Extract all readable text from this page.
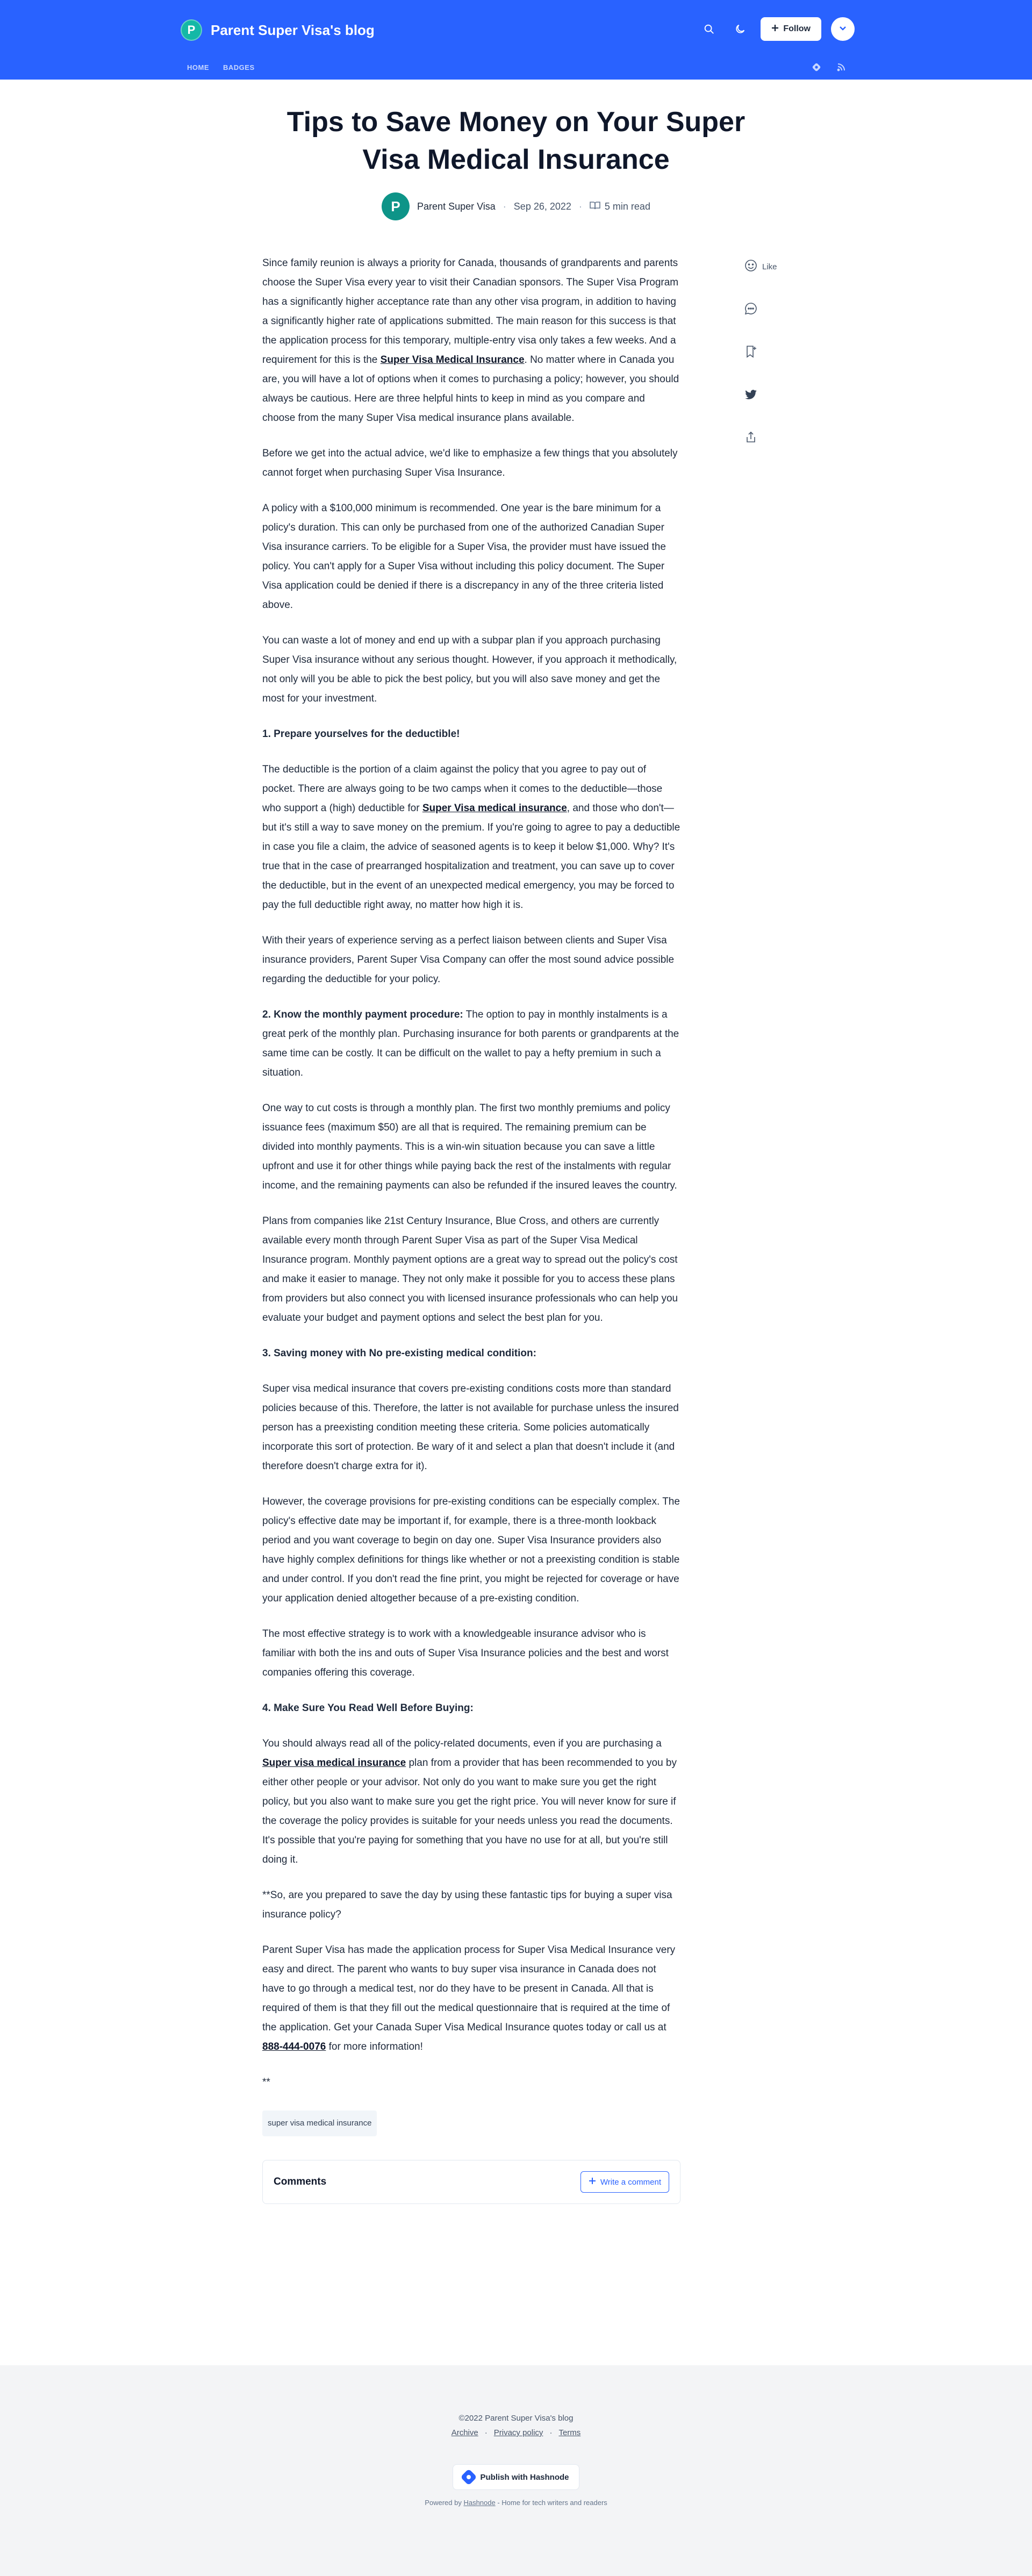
P	Parent Super Visa's blog	Follow
HOME BADGES
Tips to Save Money on Your Super Visa Medical Insurance
P	Parent Super Visa · Sep 26, 2022 · 5 min read
Like

Since family reunion is always a priority for Canada, thousands of grandparents and parents choose the Super Visa every year to visit their Canadian sponsors. The Super Visa Program has a significantly higher acceptance rate than any other visa program, in addition to having a significantly higher rate of applications submitted. The main reason for this success is that the application process for this temporary, multiple-entry visa only takes a few weeks. And a requirement for this is the Super Visa Medical Insurance. No matter where in Canada you are, you will have a lot of options when it comes to purchasing a policy; however, you should always be cautious. Here are three helpful hints to keep in mind as you compare and choose from the many Super Visa medical insurance plans available.

Before we get into the actual advice, we'd like to emphasize a few things that you absolutely cannot forget when purchasing Super Visa Insurance.

A policy with a $100,000 minimum is recommended. One year is the bare minimum for a policy's duration. This can only be purchased from one of the authorized Canadian Super Visa insurance carriers. To be eligible for a Super Visa, the provider must have issued the policy. You can't apply for a Super Visa without including this policy document. The Super Visa application could be denied if there is a discrepancy in any of the three criteria listed above.

You can waste a lot of money and end up with a subpar plan if you approach purchasing Super Visa insurance without any serious thought. However, if you approach it methodically, not only will you be able to pick the best policy, but you will also save money and get the most for your investment.

1. Prepare yourselves for the deductible!

The deductible is the portion of a claim against the policy that you agree to pay out of pocket. There are always going to be two camps when it comes to the deductible—those who support a (high) deductible for Super Visa medical insurance, and those who don't—but it's still a way to save money on the premium. If you're going to agree to pay a deductible in case you file a claim, the advice of seasoned agents is to keep it below $1,000. Why? It's true that in the case of prearranged hospitalization and treatment, you can save up to cover the deductible, but in the event of an unexpected medical emergency, you may be forced to pay the full deductible right away, no matter how high it is.

With their years of experience serving as a perfect liaison between clients and Super Visa insurance providers, Parent Super Visa Company can offer the most sound advice possible regarding the deductible for your policy.

2. Know the monthly payment procedure: The option to pay in monthly instalments is a great perk of the monthly plan. Purchasing insurance for both parents or grandparents at the same time can be costly. It can be difficult on the wallet to pay a hefty premium in such a situation.

One way to cut costs is through a monthly plan. The first two monthly premiums and policy issuance fees (maximum $50) are all that is required. The remaining premium can be divided into monthly payments. This is a win-win situation because you can save a little upfront and use it for other things while paying back the rest of the instalments with regular income, and the remaining payments can also be refunded if the insured leaves the country.

Plans from companies like 21st Century Insurance, Blue Cross, and others are currently available every month through Parent Super Visa as part of the Super Visa Medical Insurance program. Monthly payment options are a great way to spread out the policy's cost and make it easier to manage. They not only make it possible for you to access these plans from providers but also connect you with licensed insurance professionals who can help you evaluate your budget and payment options and select the best plan for you.

3. Saving money with No pre-existing medical condition:

Super visa medical insurance that covers pre-existing conditions costs more than standard policies because of this. Therefore, the latter is not available for purchase unless the insured person has a preexisting condition meeting these criteria. Some policies automatically incorporate this sort of protection. Be wary of it and select a plan that doesn't include it (and therefore doesn't charge extra for it).

However, the coverage provisions for pre-existing conditions can be especially complex. The policy's effective date may be important if, for example, there is a three-month lookback period and you want coverage to begin on day one. Super Visa Insurance providers also have highly complex definitions for things like whether or not a preexisting condition is stable and under control. If you don't read the fine print, you might be rejected for coverage or have your application denied altogether because of a pre-existing condition.

The most effective strategy is to work with a knowledgeable insurance advisor who is familiar with both the ins and outs of Super Visa Insurance policies and the best and worst companies offering this coverage.

4. Make Sure You Read Well Before Buying:

You should always read all of the policy-related documents, even if you are purchasing a Super visa medical insurance plan from a provider that has been recommended to you by either other people or your advisor. Not only do you want to make sure you get the right policy, but you also want to make sure you get the right price. You will never know for sure if the coverage the policy provides is suitable for your needs unless you read the documents. It's possible that you're paying for something that you have no use for at all, but you're still doing it.

**So, are you prepared to save the day by using these fantastic tips for buying a super visa insurance policy?

Parent Super Visa has made the application process for Super Visa Medical Insurance very easy and direct. The parent who wants to buy super visa insurance in Canada does not have to go through a medical test, nor do they have to be present in Canada. All that is required of them is that they fill out the medical questionnaire that is required at the time of the application. Get your Canada Super Visa Medical Insurance quotes today or call us at 888-444-0076 for more information!

**

super visa medical insurance
Comments	Write a comment
©2022 Parent Super Visa's blog
Archive · Privacy policy · Terms
Publish with Hashnode
Powered by Hashnode - Home for tech writers and readers
